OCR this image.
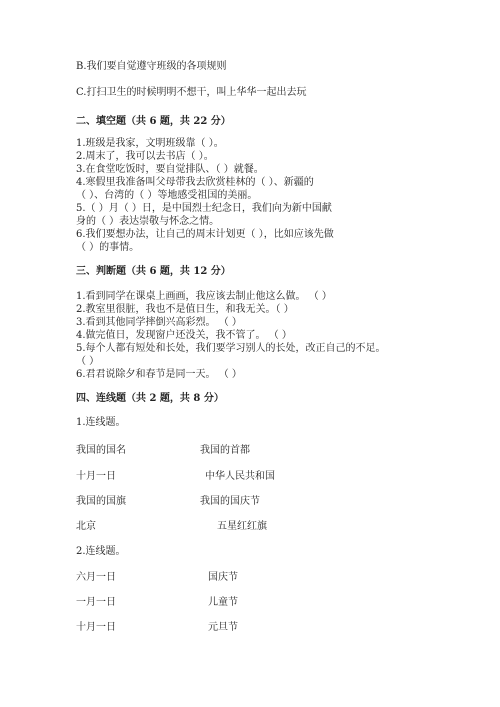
B.我们要自觉遵守班级的各项规则
C.打扫卫生的时候明明不想干，叫上华华一起出去玩
二、填空题（共 6 题，共 22 分）
1.班级是我家，文明班级靠（ ）。
2.周末了，我可以去书店（ ）。
3.在食堂吃饭时，要自觉排队、（ ）就餐。
4.寒假里我准备叫父母带我去欣赏桂林的（ ）、新疆的
（ ）、台湾的（ ）等地感受祖国的美丽。
5.（ ）月（ ）日，是中国烈士纪念日，我们向为新中国献
身的（ ）表达崇敬与怀念之情。
6.我们要想办法，让自己的周末计划更（ ），比如应该先做
（ ）的事情。
三、判断题（共 6 题，共 12 分）
1.看到同学在课桌上画画，我应该去制止他这么做。 （ ）
2.教室里很脏，我也不是值日生，和我无关。（ ）
3.看到其他同学摔倒兴高彩烈。 （ ）
4.做完值日，发现窗户还没关，我不管了。 （ ）
5.每个人都有短处和长处，我们要学习别人的长处，改正自己的不足。
（ ）
6.君君说除夕和春节是同一天。 （ ）
四、连线题（共 2 题，共 8 分）
1.连线题。
我国的国名	我国的首都
十月一日	中华人民共和国
我国的国旗	我国的国庆节
北京	五星红红旗
2.连线题。
六月一日	国庆节
一月一日	儿童节
十月一日	元旦节
